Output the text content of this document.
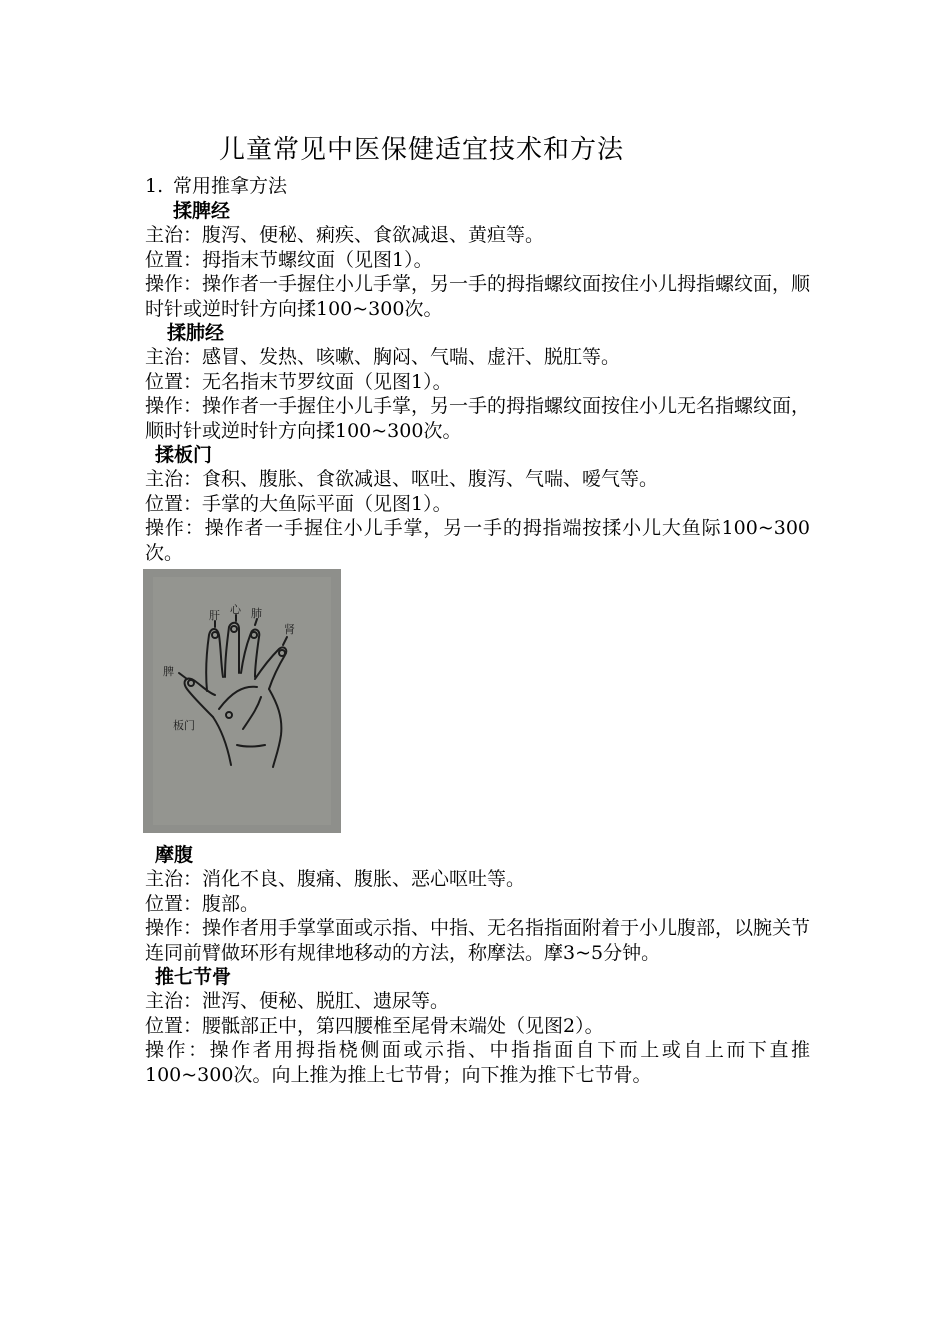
儿童常见中医保健适宜技术和方法

1. 常用推拿方法

揉脾经

主治：腹泻、便秘、痢疾、食欲减退、黄疸等。

位置：拇指末节螺纹面（见图1）。

操作：操作者一手握住小儿手掌，另一手的拇指螺纹面按住小儿拇指螺纹面，顺时针或逆时针方向揉100~300次。

揉肺经

主治：感冒、发热、咳嗽、胸闷、气喘、虚汗、脱肛等。

位置：无名指末节罗纹面（见图1）。

操作：操作者一手握住小儿手掌，另一手的拇指螺纹面按住小儿无名指螺纹面，顺时针或逆时针方向揉100~300次。

揉板门

主治：食积、腹胀、食欲减退、呕吐、腹泻、气喘、嗳气等。

位置：手掌的大鱼际平面（见图1）。

操作：操作者一手握住小儿手掌，另一手的拇指端按揉小儿大鱼际100~300次。

肝 心 肺
肾
脾
板门

摩腹

主治：消化不良、腹痛、腹胀、恶心呕吐等。

位置：腹部。

操作：操作者用手掌掌面或示指、中指、无名指指面附着于小儿腹部，以腕关节连同前臂做环形有规律地移动的方法，称摩法。摩3~5分钟。

推七节骨

主治：泄泻、便秘、脱肛、遗尿等。

位置：腰骶部正中，第四腰椎至尾骨末端处（见图2）。

操作：操作者用拇指桡侧面或示指、中指指面自下而上或自上而下直推100~300次。向上推为推上七节骨；向下推为推下七节骨。
